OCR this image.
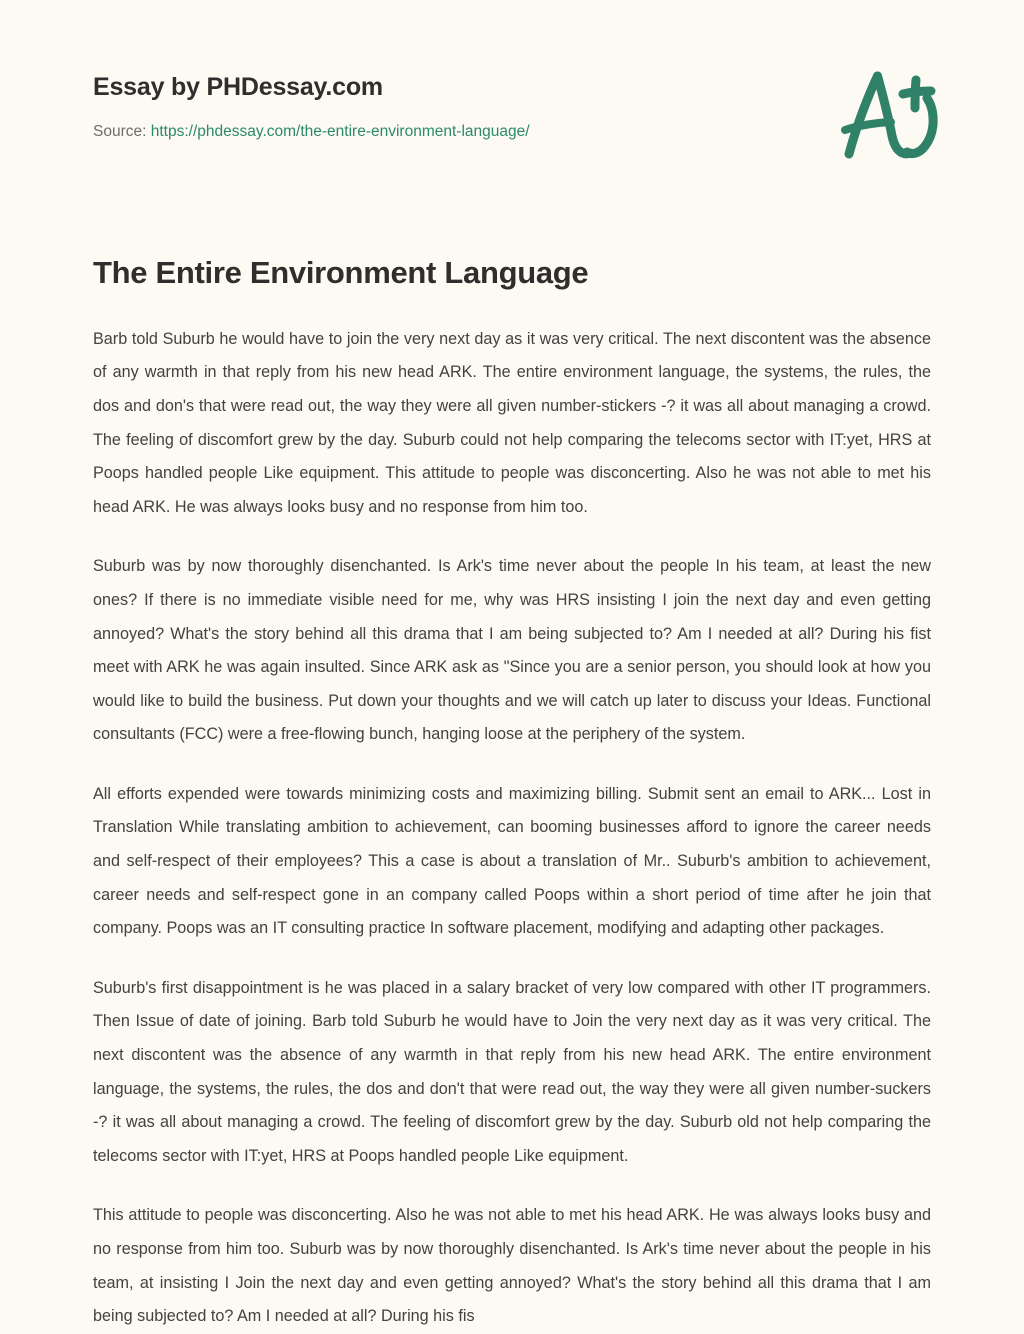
Essay by PHDessay.com
Source: https://phdessay.com/the-entire-environment-language/
The Entire Environment Language

Barb told Suburb he would have to join the very next day as it was very critical. The next discontent was the absence of any warmth in that reply from his new head ARK. The entire environment language, the systems, the rules, the dos and don's that were read out, the way they were all given number-stickers -? it was all about managing a crowd. The feeling of discomfort grew by the day. Suburb could not help comparing the telecoms sector with IT:yet, HRS at Poops handled people Like equipment. This attitude to people was disconcerting. Also he was not able to met his head ARK. He was always looks busy and no response from him too.

Suburb was by now thoroughly disenchanted. Is Ark's time never about the people In his team, at least the new ones? If there is no immediate visible need for me, why was HRS insisting I join the next day and even getting annoyed? What's the story behind all this drama that I am being subjected to? Am I needed at all? During his fist meet with ARK he was again insulted. Since ARK ask as "Since you are a senior person, you should look at how you would like to build the business. Put down your thoughts and we will catch up later to discuss your Ideas. Functional consultants (FCC) were a free-flowing bunch, hanging loose at the periphery of the system.

All efforts expended were towards minimizing costs and maximizing billing. Submit sent an email to ARK... Lost in Translation While translating ambition to achievement, can booming businesses afford to ignore the career needs and self-respect of their employees? This a case is about a translation of Mr.. Suburb's ambition to achievement, career needs and self-respect gone in an company called Poops within a short period of time after he join that company. Poops was an IT consulting practice In software placement, modifying and adapting other packages.

Suburb's first disappointment is he was placed in a salary bracket of very low compared with other IT programmers. Then Issue of date of joining. Barb told Suburb he would have to Join the very next day as it was very critical. The next discontent was the absence of any warmth in that reply from his new head ARK. The entire environment language, the systems, the rules, the dos and don't that were read out, the way they were all given number-suckers -? it was all about managing a crowd. The feeling of discomfort grew by the day. Suburb old not help comparing the telecoms sector with IT:yet, HRS at Poops handled people Like equipment.

This attitude to people was disconcerting. Also he was not able to met his head ARK. He was always looks busy and no response from him too. Suburb was by now thoroughly disenchanted. Is Ark's time never about the people in his team, at insisting I Join the next day and even getting annoyed? What's the story behind all this drama that I am being subjected to? Am I needed at all? During his fis
